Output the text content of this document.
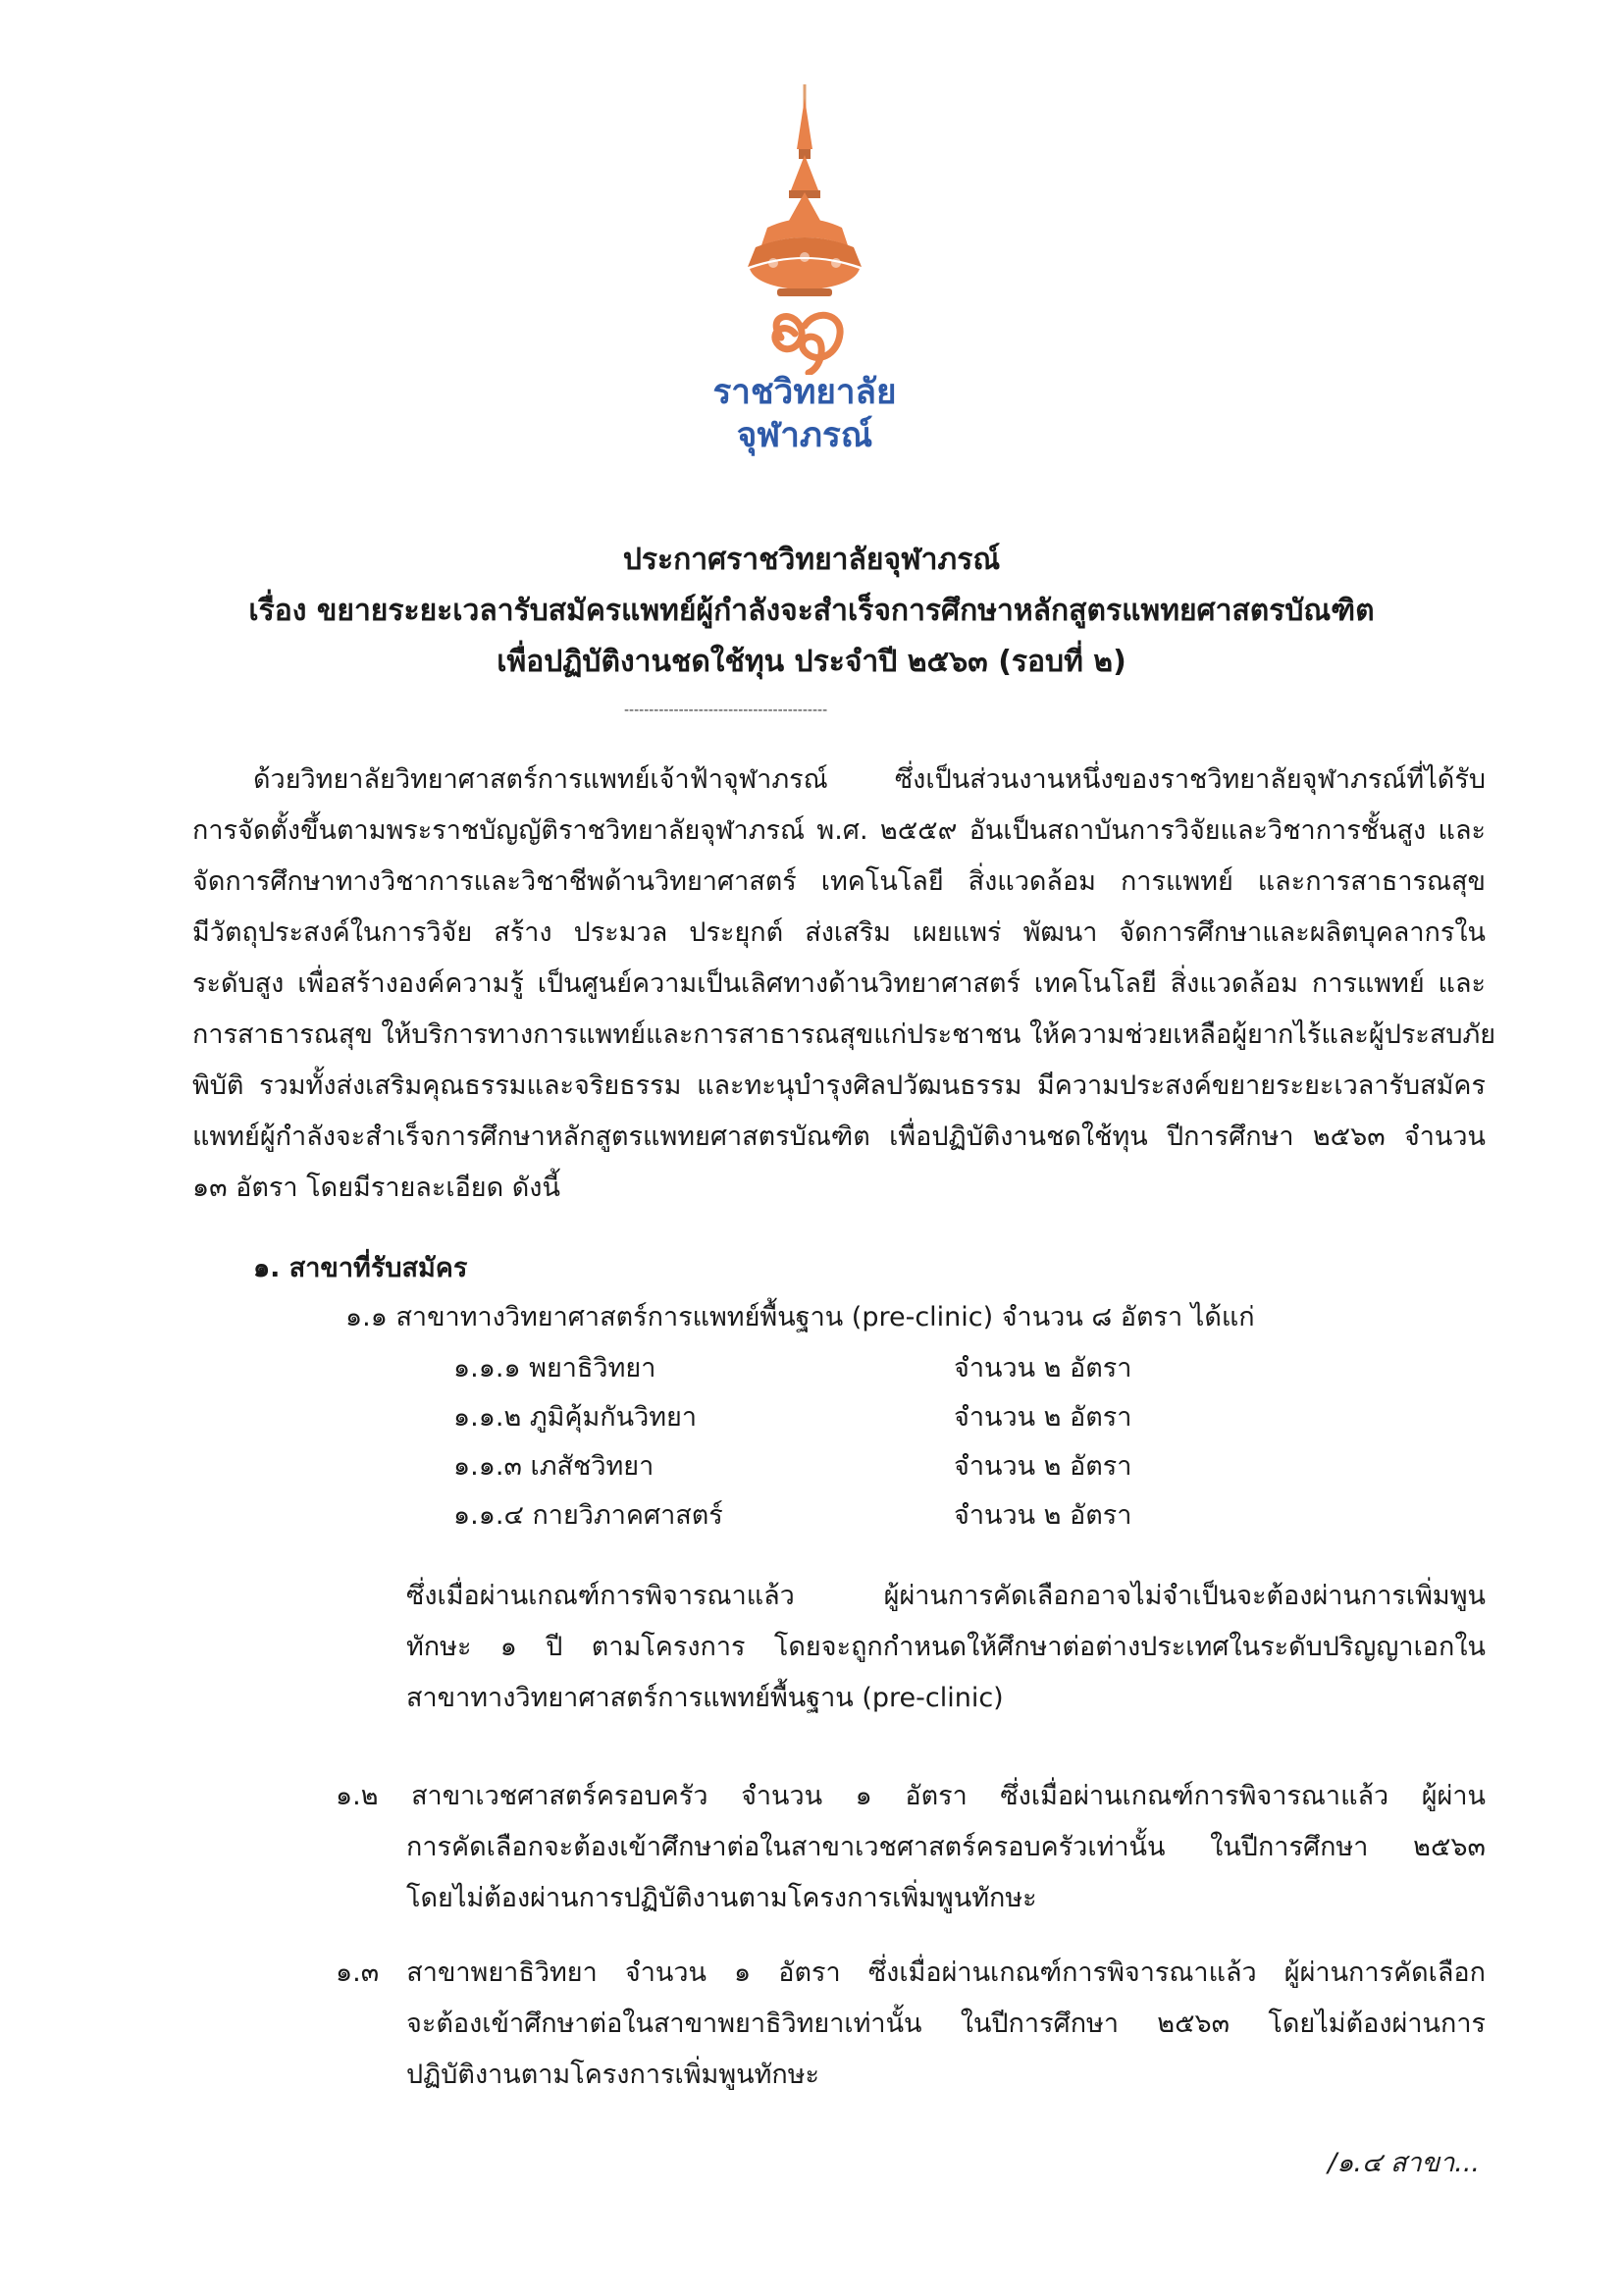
ราชวิทยาลัย
จุฬาภรณ์
ประกาศราชวิทยาลัยจุฬาภรณ์
เรื่อง ขยายระยะเวลารับสมัครแพทย์ผู้กำลังจะสำเร็จการศึกษาหลักสูตรแพทยศาสตรบัณฑิต
เพื่อปฏิบัติงานชดใช้ทุน ประจำปี ๒๕๖๓ (รอบที่ ๒)
-----------------------------------------
ด้วยวิทยาลัยวิทยาศาสตร์การแพทย์เจ้าฟ้าจุฬาภรณ์ ซึ่งเป็นส่วนงานหนึ่งของราชวิทยาลัยจุฬาภรณ์ที่ได้รับ
การจัดตั้งขึ้นตามพระราชบัญญัติราชวิทยาลัยจุฬาภรณ์ พ.ศ. ๒๕๕๙ อันเป็นสถาบันการวิจัยและวิชาการชั้นสูง และ
จัดการศึกษาทางวิชาการและวิชาชีพด้านวิทยาศาสตร์ เทคโนโลยี สิ่งแวดล้อม การแพทย์ และการสาธารณสุข
มีวัตถุประสงค์ในการวิจัย สร้าง ประมวล ประยุกต์ ส่งเสริม เผยแพร่ พัฒนา จัดการศึกษาและผลิตบุคลากรใน
ระดับสูง เพื่อสร้างองค์ความรู้ เป็นศูนย์ความเป็นเลิศทางด้านวิทยาศาสตร์ เทคโนโลยี สิ่งแวดล้อม การแพทย์ และ
การสาธารณสุข ให้บริการทางการแพทย์และการสาธารณสุขแก่ประชาชน ให้ความช่วยเหลือผู้ยากไร้และผู้ประสบภัย
พิบัติ รวมทั้งส่งเสริมคุณธรรมและจริยธรรม และทะนุบำรุงศิลปวัฒนธรรม มีความประสงค์ขยายระยะเวลารับสมัคร
แพทย์ผู้กำลังจะสำเร็จการศึกษาหลักสูตรแพทยศาสตรบัณฑิต เพื่อปฏิบัติงานชดใช้ทุน ปีการศึกษา ๒๕๖๓ จำนวน
๑๓ อัตรา โดยมีรายละเอียด ดังนี้
๑. สาขาที่รับสมัคร
๑.๑ สาขาทางวิทยาศาสตร์การแพทย์พื้นฐาน (pre-clinic) จำนวน ๘ อัตรา ได้แก่
๑.๑.๑ พยาธิวิทยา	จำนวน ๒ อัตรา
๑.๑.๒ ภูมิคุ้มกันวิทยา	จำนวน ๒ อัตรา
๑.๑.๓ เภสัชวิทยา	จำนวน ๒ อัตรา
๑.๑.๔ กายวิภาคศาสตร์	จำนวน ๒ อัตรา
ซึ่งเมื่อผ่านเกณฑ์การพิจารณาแล้ว ผู้ผ่านการคัดเลือกอาจไม่จำเป็นจะต้องผ่านการเพิ่มพูน
ทักษะ ๑ ปี ตามโครงการ โดยจะถูกกำหนดให้ศึกษาต่อต่างประเทศในระดับปริญญาเอกใน
สาขาทางวิทยาศาสตร์การแพทย์พื้นฐาน (pre-clinic)
๑.๒ สาขาเวชศาสตร์ครอบครัว จำนวน ๑ อัตรา ซึ่งเมื่อผ่านเกณฑ์การพิจารณาแล้ว ผู้ผ่าน
การคัดเลือกจะต้องเข้าศึกษาต่อในสาขาเวชศาสตร์ครอบครัวเท่านั้น ในปีการศึกษา ๒๕๖๓
โดยไม่ต้องผ่านการปฏิบัติงานตามโครงการเพิ่มพูนทักษะ
๑.๓ สาขาพยาธิวิทยา จำนวน ๑ อัตรา ซึ่งเมื่อผ่านเกณฑ์การพิจารณาแล้ว ผู้ผ่านการคัดเลือก
จะต้องเข้าศึกษาต่อในสาขาพยาธิวิทยาเท่านั้น ในปีการศึกษา ๒๕๖๓ โดยไม่ต้องผ่านการ
ปฏิบัติงานตามโครงการเพิ่มพูนทักษะ
/๑.๔ สาขา...
